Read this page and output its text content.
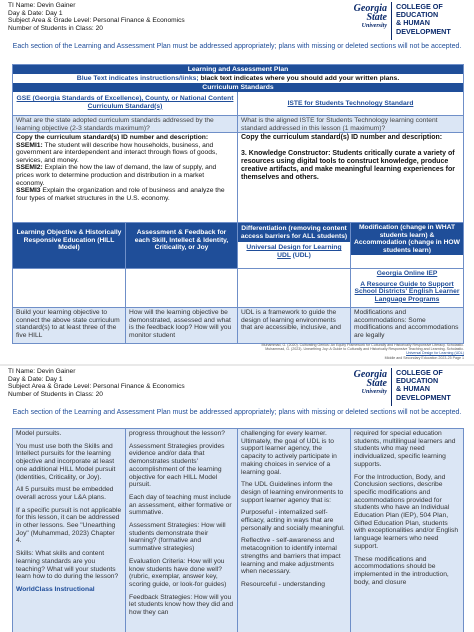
TI Name: Devin Gainer
Day & Date: Day 1
Subject Area & Grade Level: Personal Finance & Economics
Number of Students in Class: 20
Georgia
State
University
COLLEGE OF
EDUCATION
& HUMAN
DEVELOPMENT
Each section of the Learning and Assessment Plan must be addressed appropriately; plans with missing or deleted sections will not be accepted.
Learning and Assessment Plan
Blue Text indicates instructions/links; black text indicates where you should add your written plans.
Curriculum Standards
GSE (Georgia Standards of Excellence), County, or National Content Curriculum Standard(s)	ISTE for Students Technology Standard
What are the state adopted curriculum standards addressed by the learning objective (2-3 standards maximum)?
What is the aligned ISTE for Students Technology learning content standard addressed in this lesson (1 maximum)?
Copy the curriculum standard(s) ID number and description:
SSEMI1: The student will describe how households, business, and government are interdependent and interact through flows of goods, services, and money.
SSEMI2: Explain the how the law of demand, the law of supply, and prices work to determine production and distribution in a market economy.
SSEMI3 Explain the organization and role of business and analyze the four types of market structures in the U.S. economy.
Copy the curriculum standard(s) ID number and description:

3. Knowledge Constructor: Students critically curate a variety of resources using digital tools to construct knowledge, produce creative artifacts, and make meaningful learning experiences for themselves and others.
Learning Objective & Historically Responsive Education (HILL Model)
Assessment & Feedback for each Skill, Intellect & Identity, Criticality, or Joy
Differentiation (removing content access barriers for ALL students)
Universal Design for Learning UDL (UDL)
Modification (change in WHAT students learn) & Accommodation (change in HOW students learn)
Georgia Online IEP
A Resource Guide to Support School Districts' English Learner Language Programs
Build your learning objective to connect the above state curriculum standard(s) to at least three of the five HILL
How will the learning objective be demonstrated, assessed and what is the feedback loop? How will you monitor student
UDL is a framework to guide the design of learning environments that are accessible, inclusive, and
Modifications and accommodations: Some modifications and accommodations are legally
Muhammad, G. (2020). Cultivating Genius: An Equity Framework for Culturally and Historically Responsive Literacy. Scholastic.
Muhammad, G. (2023). Unearthing Joy: A Guide to Culturally and Historically Responsive Teaching and Learning. Scholastic.
Universal Design for Learning (UDL)
Middle and Secondary Education 2023-25 Page 1
TI Name: Devin Gainer
Day & Date: Day 1
Subject Area & Grade Level: Personal Finance & Economics
Number of Students in Class: 20
Georgia
State
University
COLLEGE OF
EDUCATION
& HUMAN
DEVELOPMENT
Each section of the Learning and Assessment Plan must be addressed appropriately; plans with missing or deleted sections will not be accepted.
Model pursuits.
You must use both the Skills and Intellect pursuits for the learning objective and incorporate at least one additional HILL Model pursuit (Identities, Criticality, or Joy).
All 5 pursuits must be embedded overall across your L&A plans.
If a specific pursuit is not applicable for this lesson, it can be addressed in other lessons. See "Unearthing Joy" (Muhammad, 2023) Chapter 4.
Skills: What skills and content learning standards are you teaching? What will your students learn how to do during the lesson?
WorldClass Instructional
progress throughout the lesson?
Assessment Strategies provides evidence and/or data that demonstrates students' accomplishment of the learning objective for each HILL Model pursuit.
Each day of teaching must include an assessment, either formative or summative.
Assessment Strategies: How will students demonstrate their learning? (formative and summative strategies)
Evaluation Criteria: How will you know students have done well? (rubric, exemplar, answer key, scoring guide, or look-for guides)
Feedback Strategies: How will you let students know how they did and how they can
challenging for every learner. Ultimately, the goal of UDL is to support learner agency, the capacity to actively participate in making choices in service of a learning goal.
The UDL Guidelines inform the design of learning environments to support learner agency that is:
Purposeful - internalized self-efficacy, acting in ways that are personally and socially meaningful.
Reflective - self-awareness and metacognition to identify internal strengths and barriers that impact learning and make adjustments when necessary.
Resourceful - understanding
required for special education students, multilingual learners and students who may need individualized, specific learning supports.
For the Introduction, Body, and Conclusion sections, describe specific modifications and accommodations provided for students who have an Individual Education Plan (IEP), 504 Plan, Gifted Education Plan, students with exceptionalities and/or English language learners who need support.
These modifications and accommodations should be implemented in the introduction, body, and closure
